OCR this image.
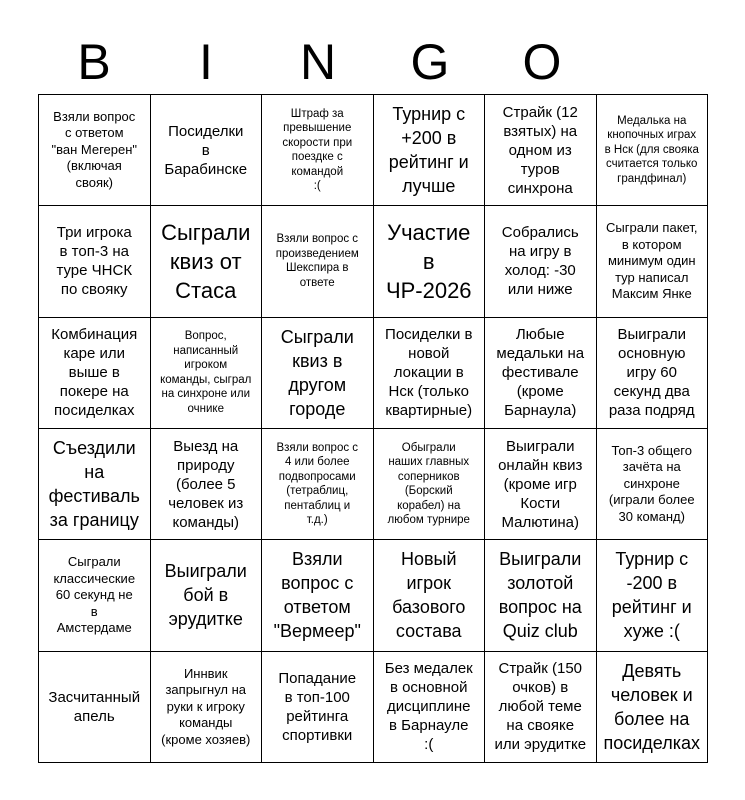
B	I	N	G	O
Взяли вопрос
с ответом
"ван Мегерен"
(включая
свояк)
Посиделки
в
Барабинске
Штраф за
превышение
скорости при
поездке с
командой
:(
Турнир с
+200 в
рейтинг и
лучше
Страйк (12
взятых) на
одном из
туров
синхрона
Медалька на
кнопочных играх
в Нск (для свояка
считается только
грандфинал)
Три игрока
в топ-3 на
туре ЧНСК
по свояку
Сыграли
квиз от
Стаса
Взяли вопрос с
произведением
Шекспира в
ответе
Участие
в
ЧР-2026
Собрались
на игру в
холод: -30
или ниже
Сыграли пакет,
в котором
минимум один
тур написал
Максим Янке
Комбинация
каре или
выше в
покере на
посиделках
Вопрос,
написанный
игроком
команды, сыграл
на синхроне или
очнике
Сыграли
квиз в
другом
городе
Посиделки в
новой
локации в
Нск (только
квартирные)
Любые
медальки на
фестивале
(кроме
Барнаула)
Выиграли
основную
игру 60
секунд два
раза подряд
Съездили
на
фестиваль
за границу
Выезд на
природу
(более 5
человек из
команды)
Взяли вопрос с
4 или более
подвопросами
(тетраблиц,
пентаблиц и
т.д.)
Обыграли
наших главных
соперников
(Борский
корабел) на
любом турнире
Выиграли
онлайн квиз
(кроме игр
Кости
Малютина)
Топ-3 общего
зачёта на
синхроне
(играли более
30 команд)
Сыграли
классические
60 секунд не
в
Амстердаме
Выиграли
бой в
эрудитке
Взяли
вопрос с
ответом
"Вермеер"
Новый
игрок
базового
состава
Выиграли
золотой
вопрос на
Quiz club
Турнир с
-200 в
рейтинг и
хуже :(
Засчитанный
апель
Иннвик
запрыгнул на
руки к игроку
команды
(кроме хозяев)
Попадание
в топ-100
рейтинга
спортивки
Без медалек
в основной
дисциплине
в Барнауле
:(
Страйк (150
очков) в
любой теме
на свояке
или эрудитке
Девять
человек и
более на
посиделках
